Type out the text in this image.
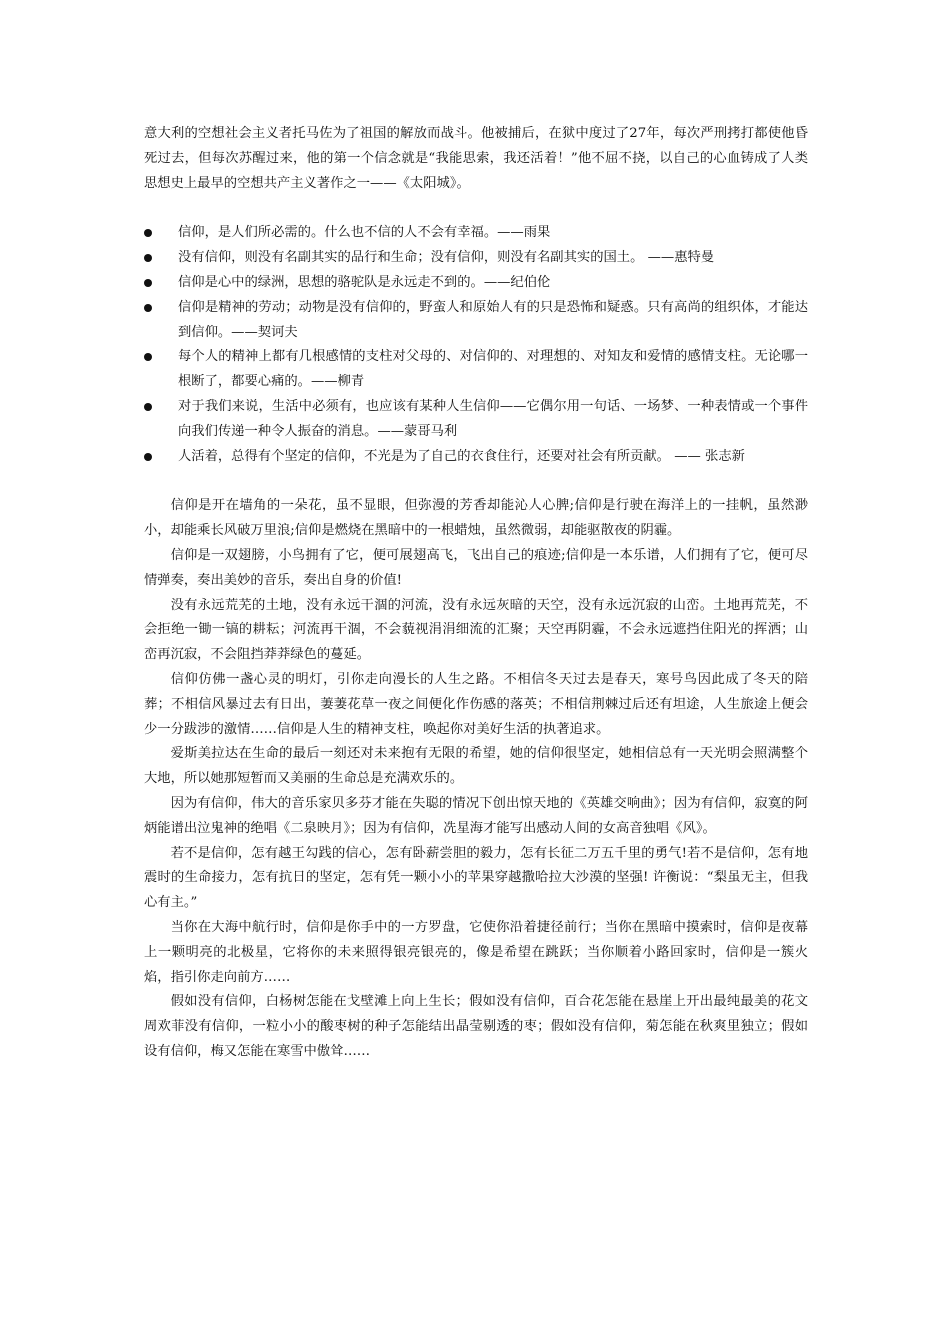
意大利的空想社会主义者托马佐为了祖国的解放而战斗。他被捕后，在狱中度过了27年，每次严刑拷打都使他昏死过去，但每次苏醒过来，他的第一个信念就是“我能思索，我还活着！”他不屈不挠，以自己的心血铸成了人类思想史上最早的空想共产主义著作之一——《太阳城》。

信仰，是人们所必需的。什么也不信的人不会有幸福。——雨果
没有信仰，则没有名副其实的品行和生命；没有信仰，则没有名副其实的国土。 ——惠特曼
信仰是心中的绿洲，思想的骆驼队是永远走不到的。——纪伯伦
信仰是精神的劳动；动物是没有信仰的，野蛮人和原始人有的只是恐怖和疑惑。只有高尚的组织体，才能达到信仰。——契诃夫
每个人的精神上都有几根感情的支柱对父母的、对信仰的、对理想的、对知友和爱情的感情支柱。无论哪一根断了，都要心痛的。——柳青
对于我们来说，生活中必须有，也应该有某种人生信仰——它偶尔用一句话、一场梦、一种表情或一个事件向我们传递一种令人振奋的消息。——蒙哥马利
人活着，总得有个坚定的信仰，不光是为了自己的衣食住行，还要对社会有所贡献。 —— 张志新

信仰是开在墙角的一朵花，虽不显眼，但弥漫的芳香却能沁人心脾;信仰是行驶在海洋上的一挂帆，虽然渺小，却能乘长风破万里浪;信仰是燃烧在黑暗中的一根蜡烛，虽然微弱，却能驱散夜的阴霾。

信仰是一双翅膀，小鸟拥有了它，便可展翅高飞，飞出自己的痕迹;信仰是一本乐谱，人们拥有了它，便可尽情弹奏，奏出美妙的音乐，奏出自身的价值!

没有永远荒芜的土地，没有永远干涸的河流，没有永远灰暗的天空，没有永远沉寂的山峦。土地再荒芜，不会拒绝一锄一镐的耕耘；河流再干涸，不会藐视涓涓细流的汇聚；天空再阴霾，不会永远遮挡住阳光的挥洒；山峦再沉寂，不会阻挡莽莽绿色的蔓延。

信仰仿佛一盏心灵的明灯，引你走向漫长的人生之路。不相信冬天过去是春天，寒号鸟因此成了冬天的陪葬；不相信风暴过去有日出，萋萋花草一夜之间便化作伤感的落英；不相信荆棘过后还有坦途，人生旅途上便会少一分跋涉的激情……信仰是人生的精神支柱，唤起你对美好生活的执著追求。

爱斯美拉达在生命的最后一刻还对未来抱有无限的希望，她的信仰很坚定，她相信总有一天光明会照满整个大地，所以她那短暂而又美丽的生命总是充满欢乐的。

因为有信仰，伟大的音乐家贝多芬才能在失聪的情况下创出惊天地的《英雄交响曲》；因为有信仰，寂寞的阿炳能谱出泣鬼神的绝唱《二泉映月》；因为有信仰，冼星海才能写出感动人间的女高音独唱《风》。

若不是信仰，怎有越王勾践的信心，怎有卧薪尝胆的毅力，怎有长征二万五千里的勇气!若不是信仰，怎有地震时的生命接力，怎有抗日的坚定，怎有凭一颗小小的苹果穿越撒哈拉大沙漠的坚强! 许衡说：“梨虽无主，但我心有主。”

当你在大海中航行时，信仰是你手中的一方罗盘，它使你沿着捷径前行；当你在黑暗中摸索时，信仰是夜幕上一颗明亮的北极星，它将你的未来照得银亮银亮的，像是希望在跳跃；当你顺着小路回家时，信仰是一簇火焰，指引你走向前方……

假如没有信仰，白杨树怎能在戈壁滩上向上生长；假如没有信仰，百合花怎能在悬崖上开出最纯最美的花文周欢菲没有信仰，一粒小小的酸枣树的种子怎能结出晶莹剔透的枣；假如没有信仰，菊怎能在秋爽里独立；假如设有信仰，梅又怎能在寒雪中傲耸……
